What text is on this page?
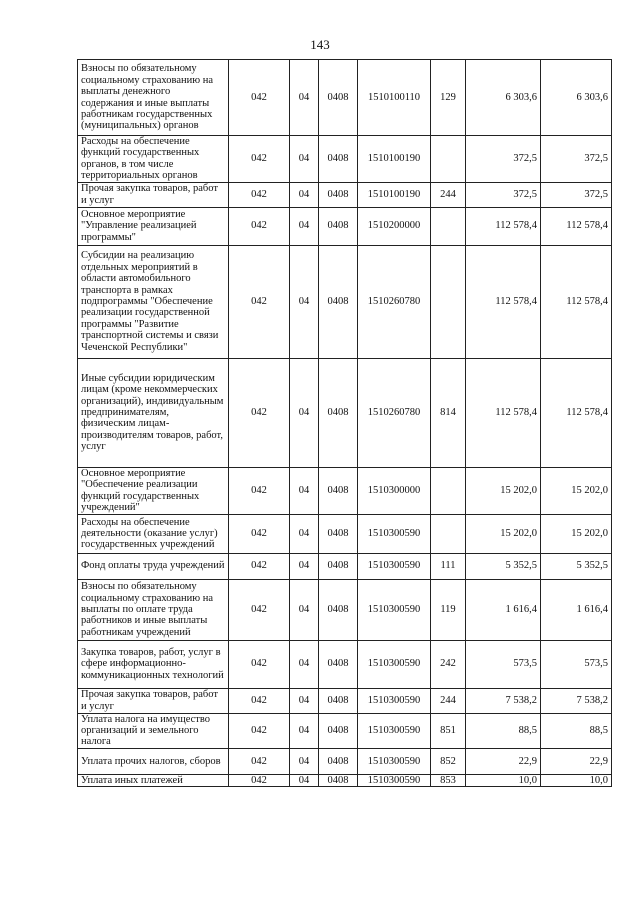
143
Взносы по обязательному социальному страхованию на выплаты денежного содержания и иные выплаты работникам государственных (муниципальных) органов	042	04	0408	1510100110	129	6 303,6	6 303,6
Расходы на обеспечение функций государственных органов, в том числе территориальных органов	042	04	0408	1510100190		372,5	372,5
Прочая закупка товаров, работ и услуг	042	04	0408	1510100190	244	372,5	372,5
Основное мероприятие "Управление реализацией программы"	042	04	0408	1510200000		112 578,4	112 578,4
Субсидии на реализацию отдельных мероприятий в области автомобильного транспорта в рамках подпрограммы "Обеспечение реализации государственной программы "Развитие транспортной системы и связи Чеченской Республики"	042	04	0408	1510260780		112 578,4	112 578,4
Иные субсидии юридическим лицам (кроме некоммерческих организаций), индивидуальным предпринимателям, физическим лицам-производителям товаров, работ, услуг	042	04	0408	1510260780	814	112 578,4	112 578,4
Основное мероприятие "Обеспечение реализации функций государственных учреждений"	042	04	0408	1510300000		15 202,0	15 202,0
Расходы на обеспечение деятельности (оказание услуг) государственных учреждений	042	04	0408	1510300590		15 202,0	15 202,0
Фонд оплаты труда учреждений	042	04	0408	1510300590	111	5 352,5	5 352,5
Взносы по обязательному социальному страхованию на выплаты по оплате труда работников и иные выплаты работникам учреждений	042	04	0408	1510300590	119	1 616,4	1 616,4
Закупка товаров, работ, услуг в сфере информационно-коммуникационных технологий	042	04	0408	1510300590	242	573,5	573,5
Прочая закупка товаров, работ и услуг	042	04	0408	1510300590	244	7 538,2	7 538,2
Уплата налога на имущество организаций и земельного налога	042	04	0408	1510300590	851	88,5	88,5
Уплата прочих налогов, сборов	042	04	0408	1510300590	852	22,9	22,9
Уплата иных платежей	042	04	0408	1510300590	853	10,0	10,0
